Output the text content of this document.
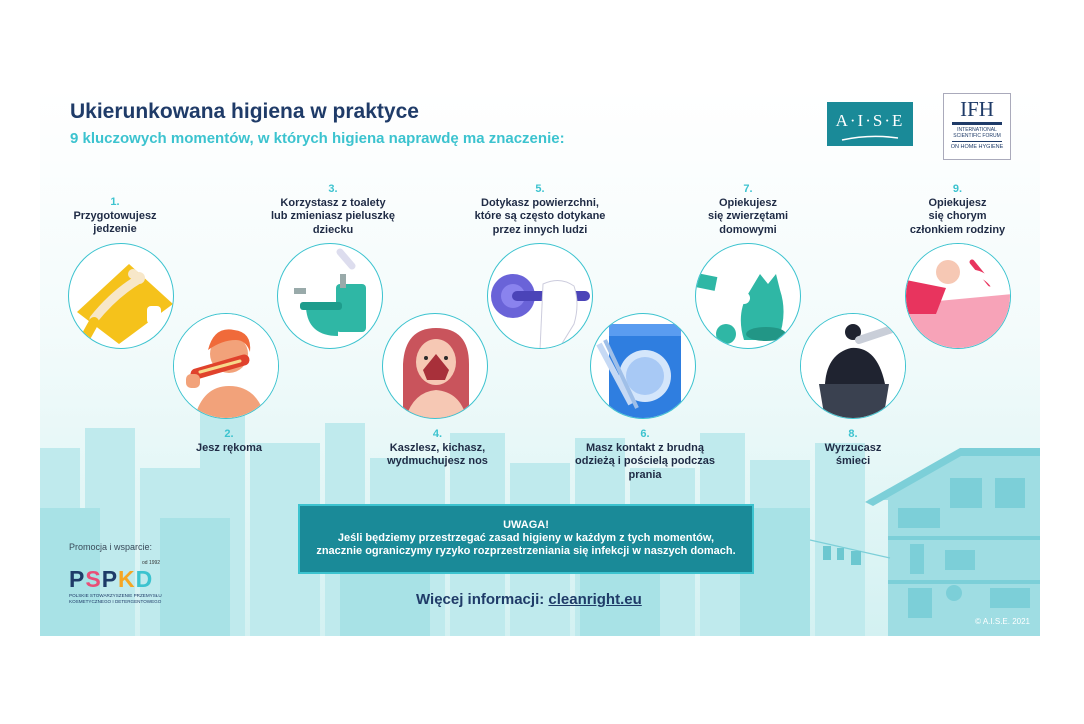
Ukierunkowana higiena w praktyce
9 kluczowych momentów, w których higiena naprawdę ma znaczenie:
A·I·S·E	IFH
INTERNATIONAL
SCIENTIFIC FORUM
ON HOME HYGIENE
1.
Przygotowujesz
jedzenie
3.
Korzystasz z toalety
lub zmieniasz pieluszkę
dziecku
5.
Dotykasz powierzchni,
które są często dotykane
przez innych ludzi
7.
Opiekujesz
się zwierzętami
domowymi
9.
Opiekujesz
się chorym
członkiem rodziny
2.
Jesz rękoma
4.
Kaszlesz, kichasz,
wydmuchujesz nos
6.
Masz kontakt z brudną
odzieżą i pościelą podczas
prania
8.
Wyrzucasz
śmieci
UWAGA!
Jeśli będziemy przestrzegać zasad higieny w każdym z tych momentów,
znacznie ograniczymy ryzyko rozprzestrzeniania się infekcji w naszych domach.
Więcej informacji: cleanright.eu
Promocja i wsparcie:
od 1992
PSPKD
POLSKIE STOWARZYSZENIE PRZEMYSŁU
KOSMETYCZNEGO I DETERGENTOWEGO
© A.I.S.E. 2021
